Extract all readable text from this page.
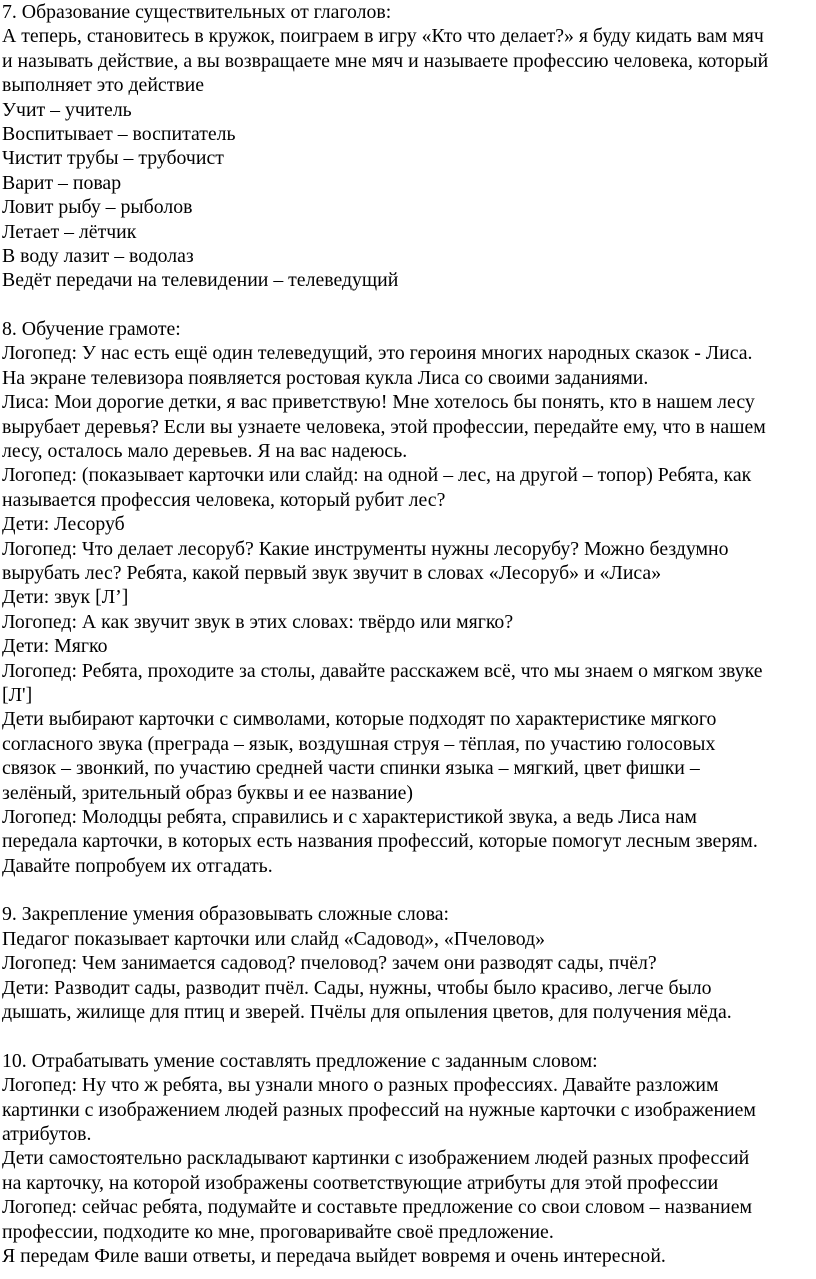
7. Образование существительных от глаголов:
А теперь, становитесь в кружок, поиграем в игру «Кто что делает?» я буду кидать вам мяч
и называть действие, а вы возвращаете мне мяч и называете профессию человека, который
выполняет это действие
Учит – учитель
Воспитывает – воспитатель
Чистит трубы – трубочист
Варит – повар
Ловит рыбу – рыболов
Летает – лётчик
В воду лазит – водолаз
Ведёт передачи на телевидении – телеведущий
8. Обучение грамоте:
Логопед: У нас есть ещё один телеведущий, это героиня многих народных сказок - Лиса.
На экране телевизора появляется ростовая кукла Лиса со своими заданиями.
Лиса: Мои дорогие детки, я вас приветствую! Мне хотелось бы понять, кто в нашем лесу
вырубает деревья? Если вы узнаете человека, этой профессии, передайте ему, что в нашем
лесу, осталось мало деревьев. Я на вас надеюсь.
Логопед: (показывает карточки или слайд: на одной – лес, на другой – топор) Ребята, как
называется профессия человека, который рубит лес?
Дети: Лесоруб
Логопед: Что делает лесоруб? Какие инструменты нужны лесорубу? Можно бездумно
вырубать лес? Ребята, какой первый звук звучит в словах «Лесоруб» и «Лиса»
Дети: звук [Л’]
Логопед: А как звучит звук в этих словах: твёрдо или мягко?
Дети: Мягко
Логопед: Ребята, проходите за столы, давайте расскажем всё, что мы знаем о мягком звуке
[Л']
Дети выбирают карточки с символами, которые подходят по характеристике мягкого
согласного звука (преграда – язык, воздушная струя – тёплая, по участию голосовых
связок – звонкий, по участию средней части спинки языка – мягкий, цвет фишки –
зелёный, зрительный образ буквы и ее название)
Логопед: Молодцы ребята, справились и с характеристикой звука, а ведь Лиса нам
передала карточки, в которых есть названия профессий, которые помогут лесным зверям.
Давайте попробуем их отгадать.
9. Закрепление умения образовывать сложные слова:
Педагог показывает карточки или слайд «Садовод», «Пчеловод»
Логопед: Чем занимается садовод? пчеловод? зачем они разводят сады, пчёл?
Дети: Разводит сады, разводит пчёл. Сады, нужны, чтобы было красиво, легче было
дышать, жилище для птиц и зверей. Пчёлы для опыления цветов, для получения мёда.
10. Отрабатывать умение составлять предложение с заданным словом:
Логопед: Ну что ж ребята, вы узнали много о разных профессиях. Давайте разложим
картинки с изображением людей разных профессий на нужные карточки с изображением
атрибутов.
Дети самостоятельно раскладывают картинки с изображением людей разных профессий
на карточку, на которой изображены соответствующие атрибуты для этой профессии
Логопед: сейчас ребята, подумайте и составьте предложение со свои словом – названием
профессии, подходите ко мне, проговаривайте своё предложение.
Я передам Филе ваши ответы, и передача выйдет вовремя и очень интересной.
